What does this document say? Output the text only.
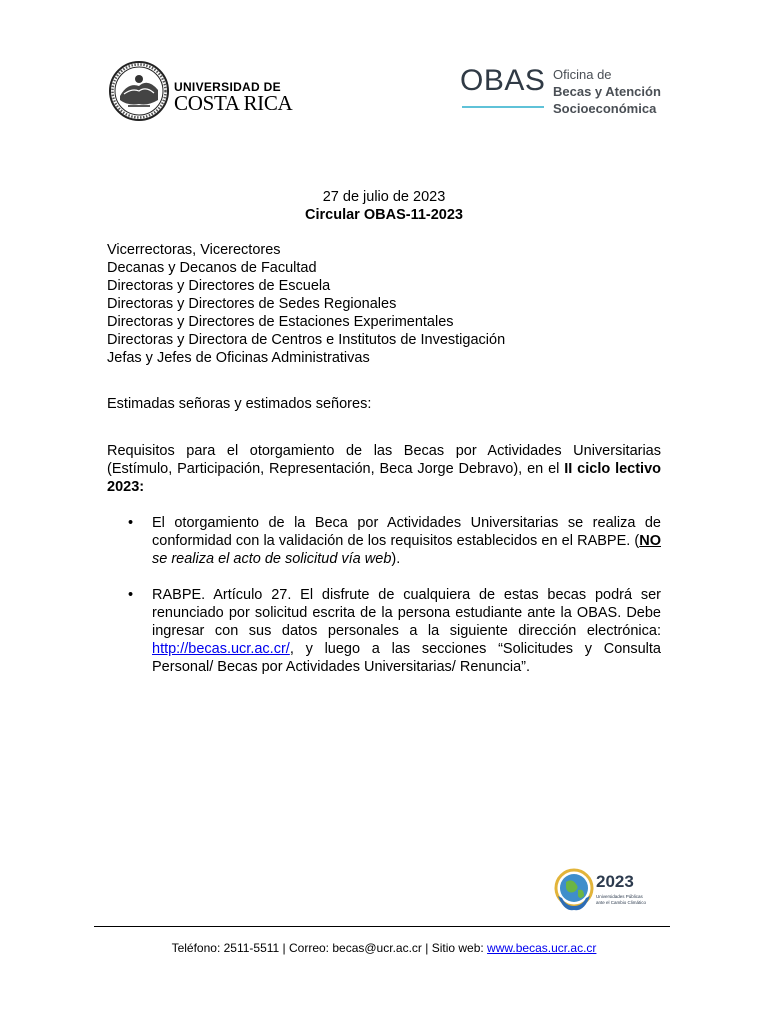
UNIVERSIDAD DE
COSTA RICA
OBAS Oficina de
Becas y Atención
Socioeconómica
27 de julio de 2023
Circular OBAS-11-2023
Vicerrectoras, Vicerectores
Decanas y Decanos de Facultad
Directoras y Directores de Escuela
Directoras y Directores de Sedes Regionales
Directoras y Directores de Estaciones Experimentales
Directoras y Directora de Centros e Institutos de Investigación
Jefas y Jefes de Oficinas Administrativas
Estimadas señoras y estimados señores:
Requisitos para el otorgamiento de las Becas por Actividades Universitarias (Estímulo, Participación, Representación, Beca Jorge Debravo), en el II ciclo lectivo 2023:
• El otorgamiento de la Beca por Actividades Universitarias se realiza de conformidad con la validación de los requisitos establecidos en el RABPE. (NO se realiza el acto de solicitud vía web).
• RABPE. Artículo 27. El disfrute de cualquiera de estas becas podrá ser renunciado por solicitud escrita de la persona estudiante ante la OBAS. Debe ingresar con sus datos personales a la siguiente dirección electrónica: http://becas.ucr.ac.cr/, y luego a las secciones “Solicitudes y Consulta Personal/ Becas por Actividades Universitarias/ Renuncia”.
2023
Universidades Públicas
ante el Cambio Climático
Teléfono: 2511-5511 | Correo: becas@ucr.ac.cr | Sitio web: www.becas.ucr.ac.cr
